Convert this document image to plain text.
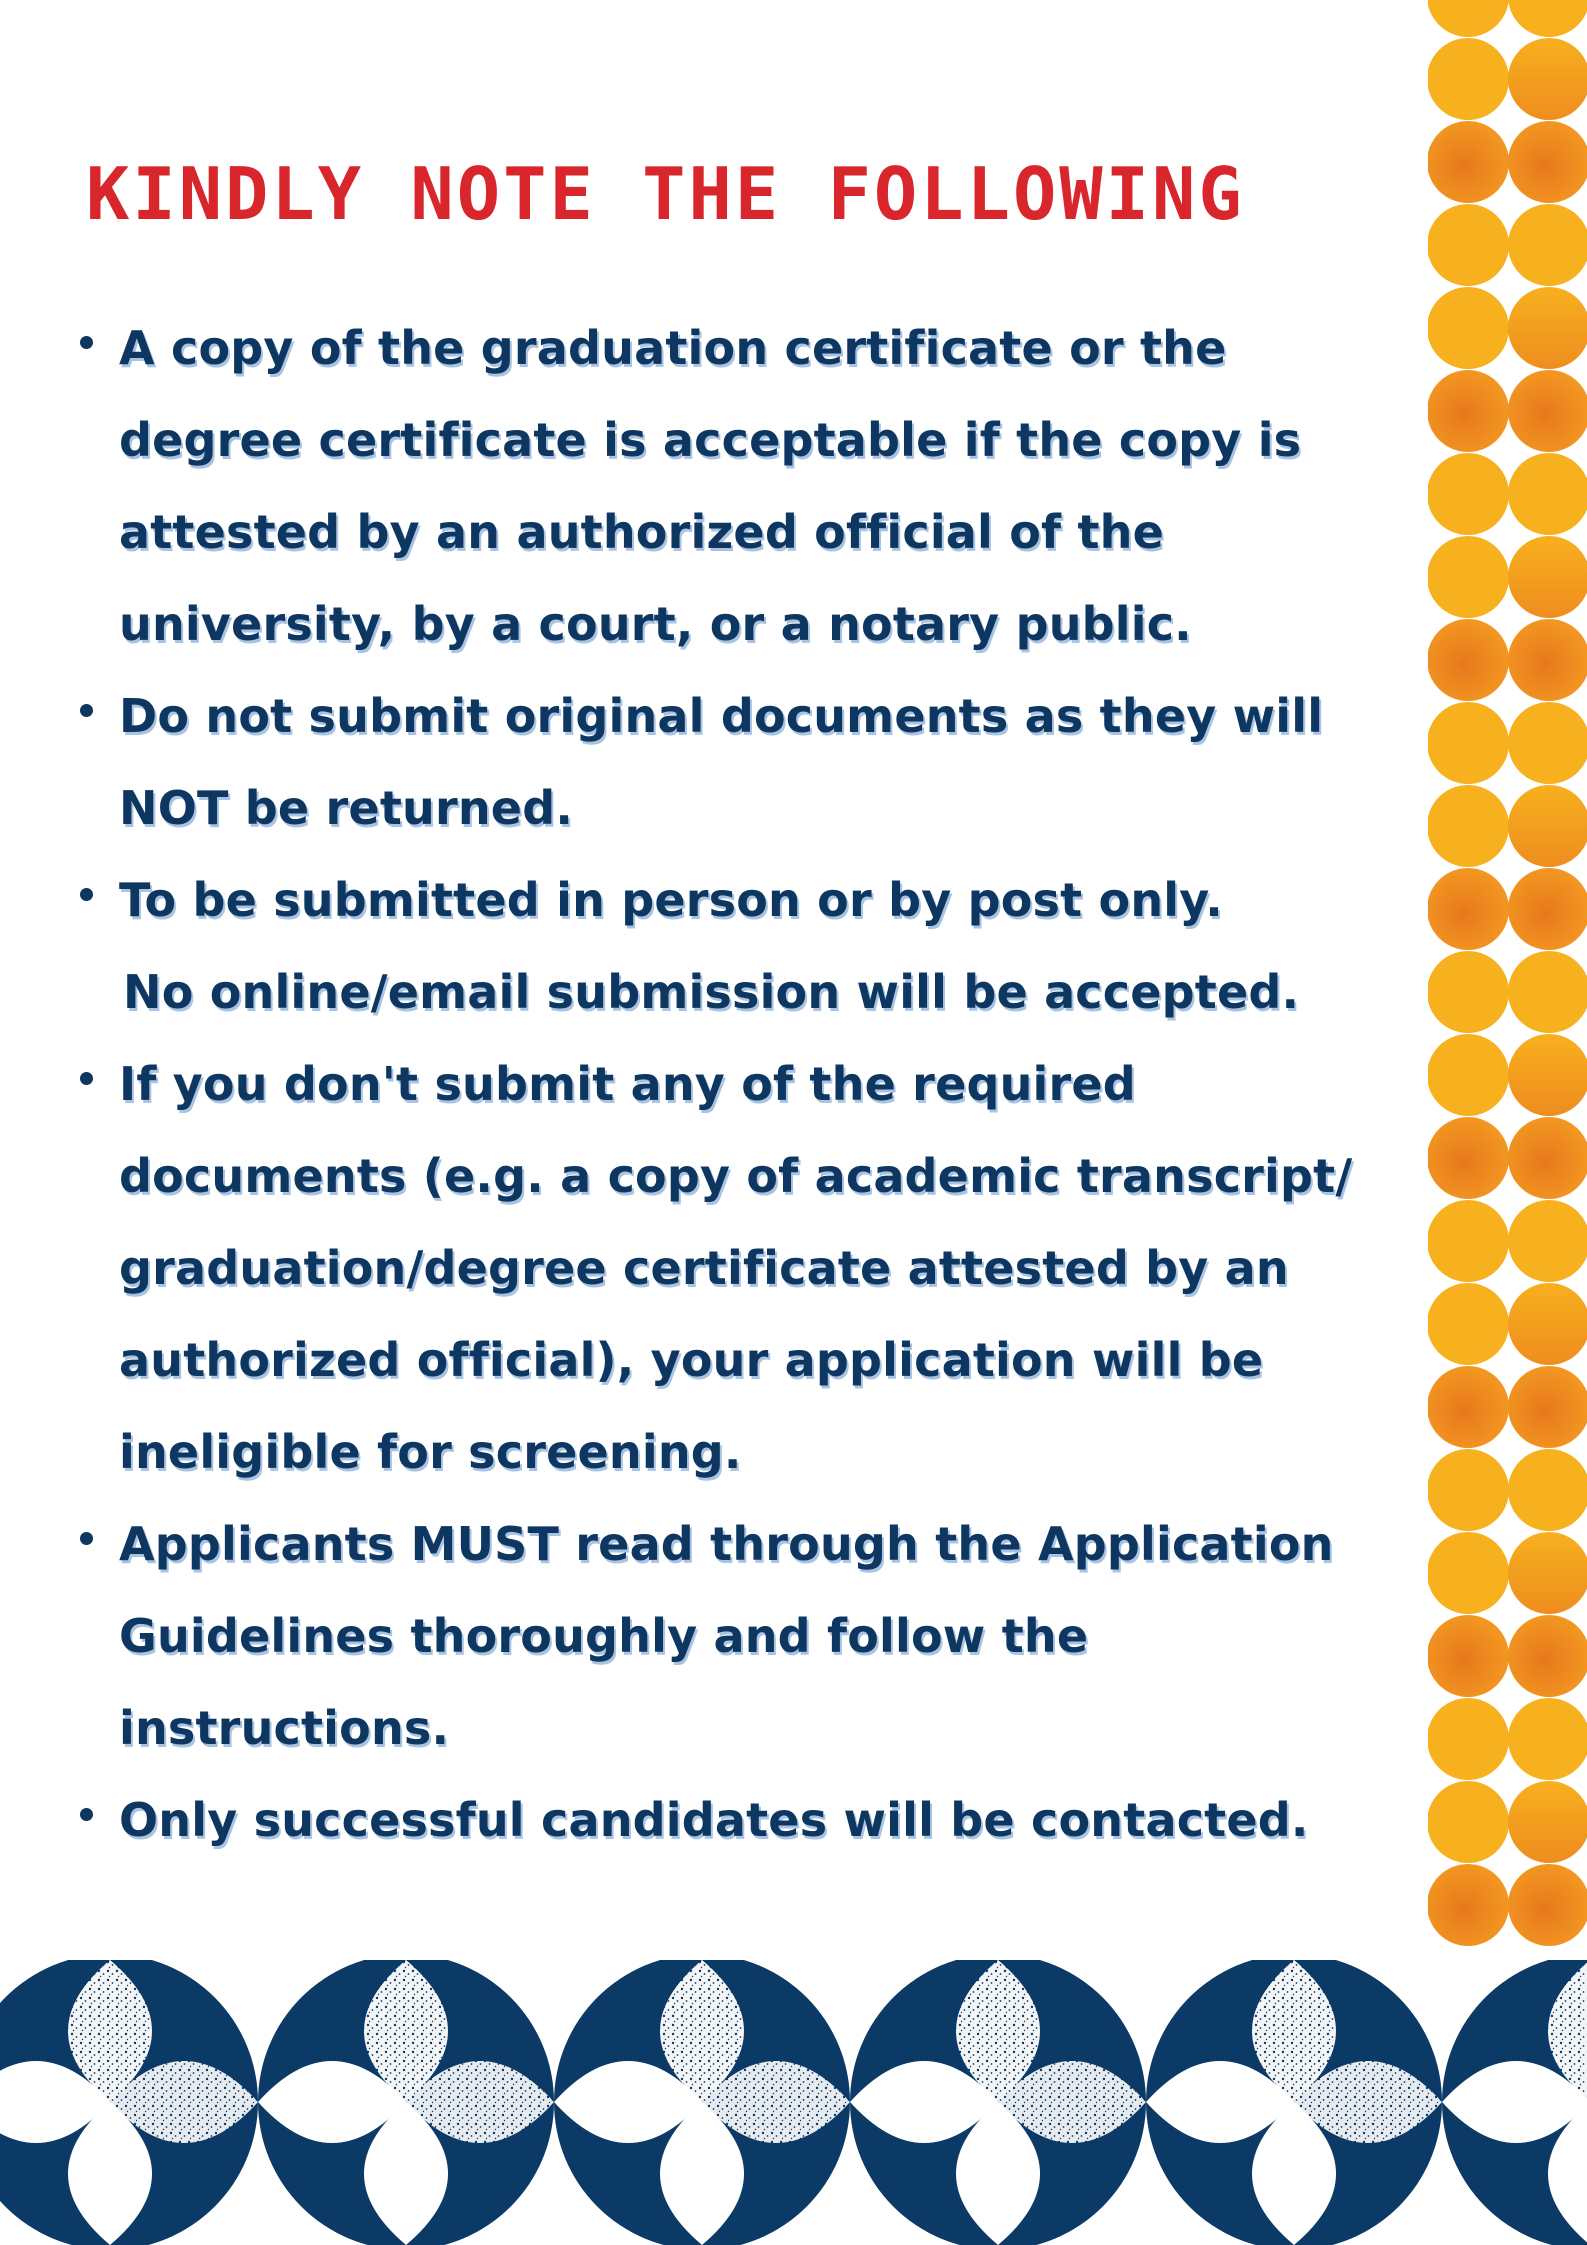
KINDLY NOTE THE FOLLOWING
A copy of the graduation certificate or the
degree certificate is acceptable if the copy is
attested by an authorized official of the
university, by a court, or a notary public.
Do not submit original documents as they will
NOT be returned.
To be submitted in person or by post only.
No online/email submission will be accepted.
If you don't submit any of the required
documents (e.g. a copy of academic transcript/
graduation/degree certificate attested by an
authorized official), your application will be
ineligible for screening.
Applicants MUST read through the Application
Guidelines thoroughly and follow the
instructions.
Only successful candidates will be contacted.
